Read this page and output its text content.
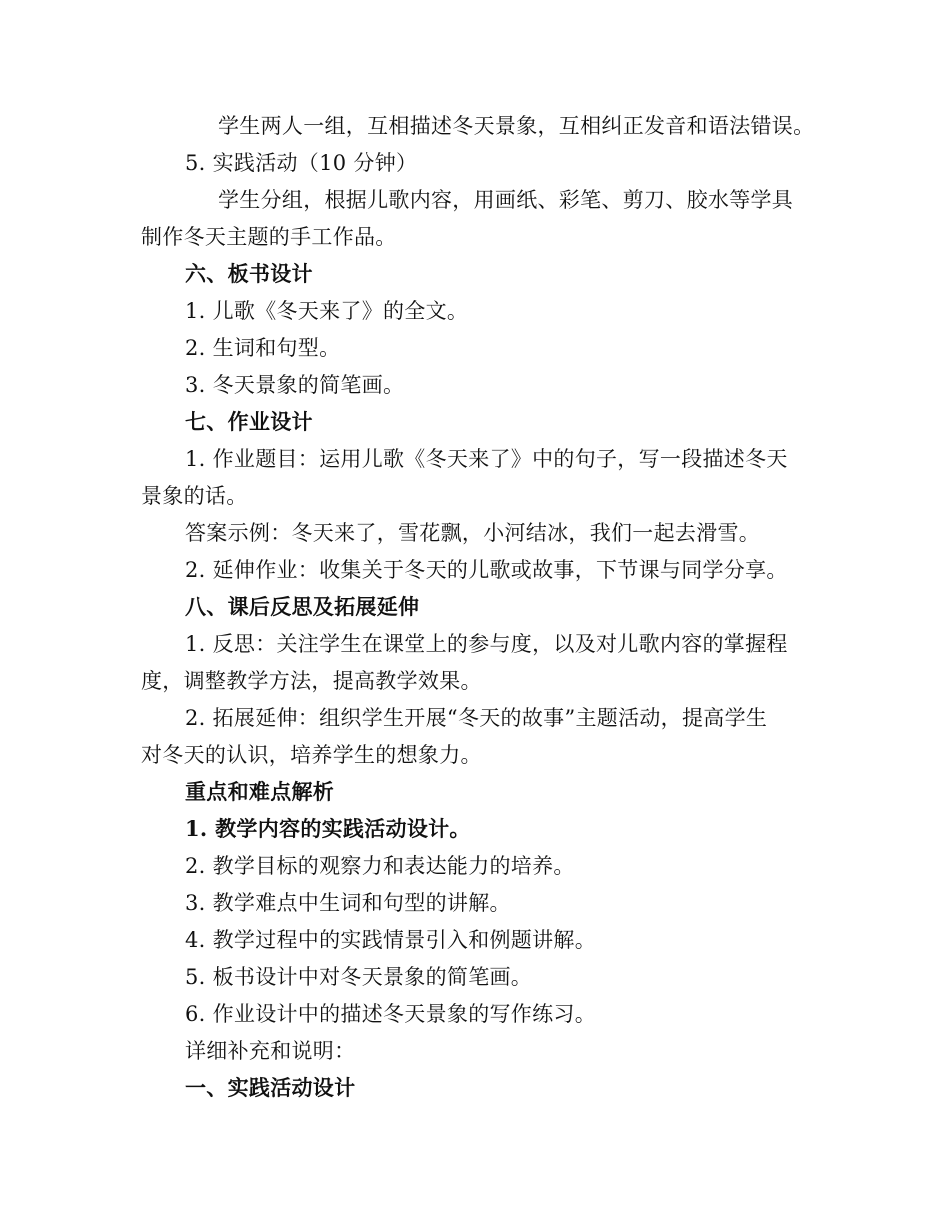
学生两人一组，互相描述冬天景象，互相纠正发音和语法错误。
5. 实践活动（10 分钟）
学生分组，根据儿歌内容，用画纸、彩笔、剪刀、胶水等学具
制作冬天主题的手工作品。
六、板书设计
1. 儿歌《冬天来了》的全文。
2. 生词和句型。
3. 冬天景象的简笔画。
七、作业设计
1. 作业题目：运用儿歌《冬天来了》中的句子，写一段描述冬天
景象的话。
答案示例：冬天来了，雪花飘，小河结冰，我们一起去滑雪。
2. 延伸作业：收集关于冬天的儿歌或故事，下节课与同学分享。
八、课后反思及拓展延伸
1. 反思：关注学生在课堂上的参与度，以及对儿歌内容的掌握程
度，调整教学方法，提高教学效果。
2. 拓展延伸：组织学生开展“冬天的故事”主题活动，提高学生
对冬天的认识，培养学生的想象力。
重点和难点解析
1. 教学内容的实践活动设计。
2. 教学目标的观察力和表达能力的培养。
3. 教学难点中生词和句型的讲解。
4. 教学过程中的实践情景引入和例题讲解。
5. 板书设计中对冬天景象的简笔画。
6. 作业设计中的描述冬天景象的写作练习。
详细补充和说明：
一、实践活动设计
